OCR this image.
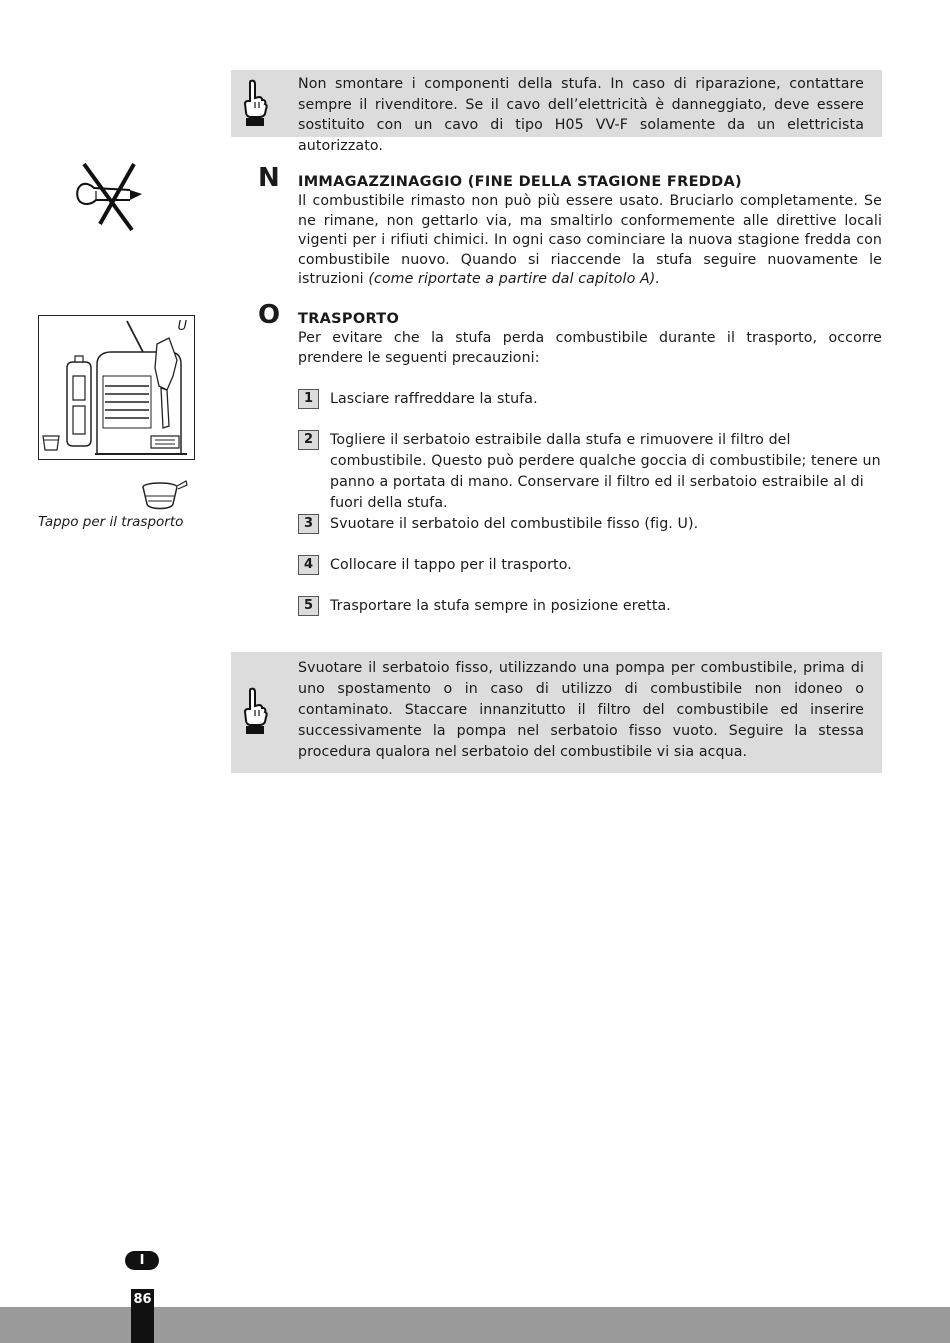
Non smontare i componenti della stufa. In caso di riparazione, contattare sempre il rivenditore. Se il cavo dell’elettricità è danneggiato, deve essere sostituito con un cavo di tipo H05 VV-F solamente da un elettricista autorizzato.
N IMMAGAZZINAGGIO (FINE DELLA STAGIONE FREDDA)
Il combustibile rimasto non può più essere usato. Bruciarlo completamente. Se ne rimane, non gettarlo via, ma smaltirlo conformemente alle direttive locali vigenti per i rifiuti chimici. In ogni caso cominciare la nuova stagione fredda con combustibile nuovo. Quando si riaccende la stufa seguire nuovamente le istruzioni (come riportate a partire dal capitolo A).
U
Tappo per il trasporto
O TRASPORTO
Per evitare che la stufa perda combustibile durante il trasporto, occorre prendere le seguenti precauzioni:
1	Lasciare raffreddare la stufa.
2	Togliere il serbatoio estraibile dalla stufa e rimuovere il filtro del combustibile. Questo può perdere qualche goccia di combustibile; tenere un panno a portata di mano. Conservare il filtro ed il serbatoio estraibile al di fuori della stufa.
3	Svuotare il serbatoio del combustibile fisso (fig. U).
4	Collocare il tappo per il trasporto.
5	Trasportare la stufa sempre in posizione eretta.
Svuotare il serbatoio fisso, utilizzando una pompa per combustibile, prima di uno spostamento o in caso di utilizzo di combustibile non idoneo o contaminato. Staccare innanzitutto il filtro del combustibile ed inserire successivamente la pompa nel serbatoio fisso vuoto. Seguire la stessa procedura qualora nel serbatoio del combustibile vi sia acqua.
I
86
